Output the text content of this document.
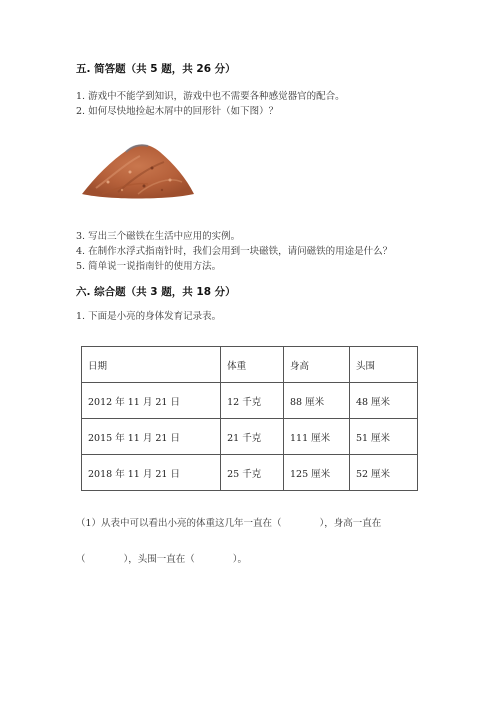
五. 简答题（共 5 题，共 26 分）
1. 游戏中不能学到知识，游戏中也不需要各种感觉器官的配合。
2. 如何尽快地捡起木屑中的回形针（如下图）？
3. 写出三个磁铁在生活中应用的实例。
4. 在制作水浮式指南针时，我们会用到一块磁铁，请问磁铁的用途是什么？
5. 简单说一说指南针的使用方法。
六. 综合题（共 3 题，共 18 分）
1. 下面是小亮的身体发育记录表。
日期	体重	身高	头围
2012 年 11 月 21 日	12 千克	88 厘米	48 厘米
2015 年 11 月 21 日	21 千克	111 厘米	51 厘米
2018 年 11 月 21 日	25 千克	125 厘米	52 厘米
（1）从表中可以看出小亮的体重这几年一直在（　　　　），身高一直在
（　　　　），头围一直在（　　　　）。
